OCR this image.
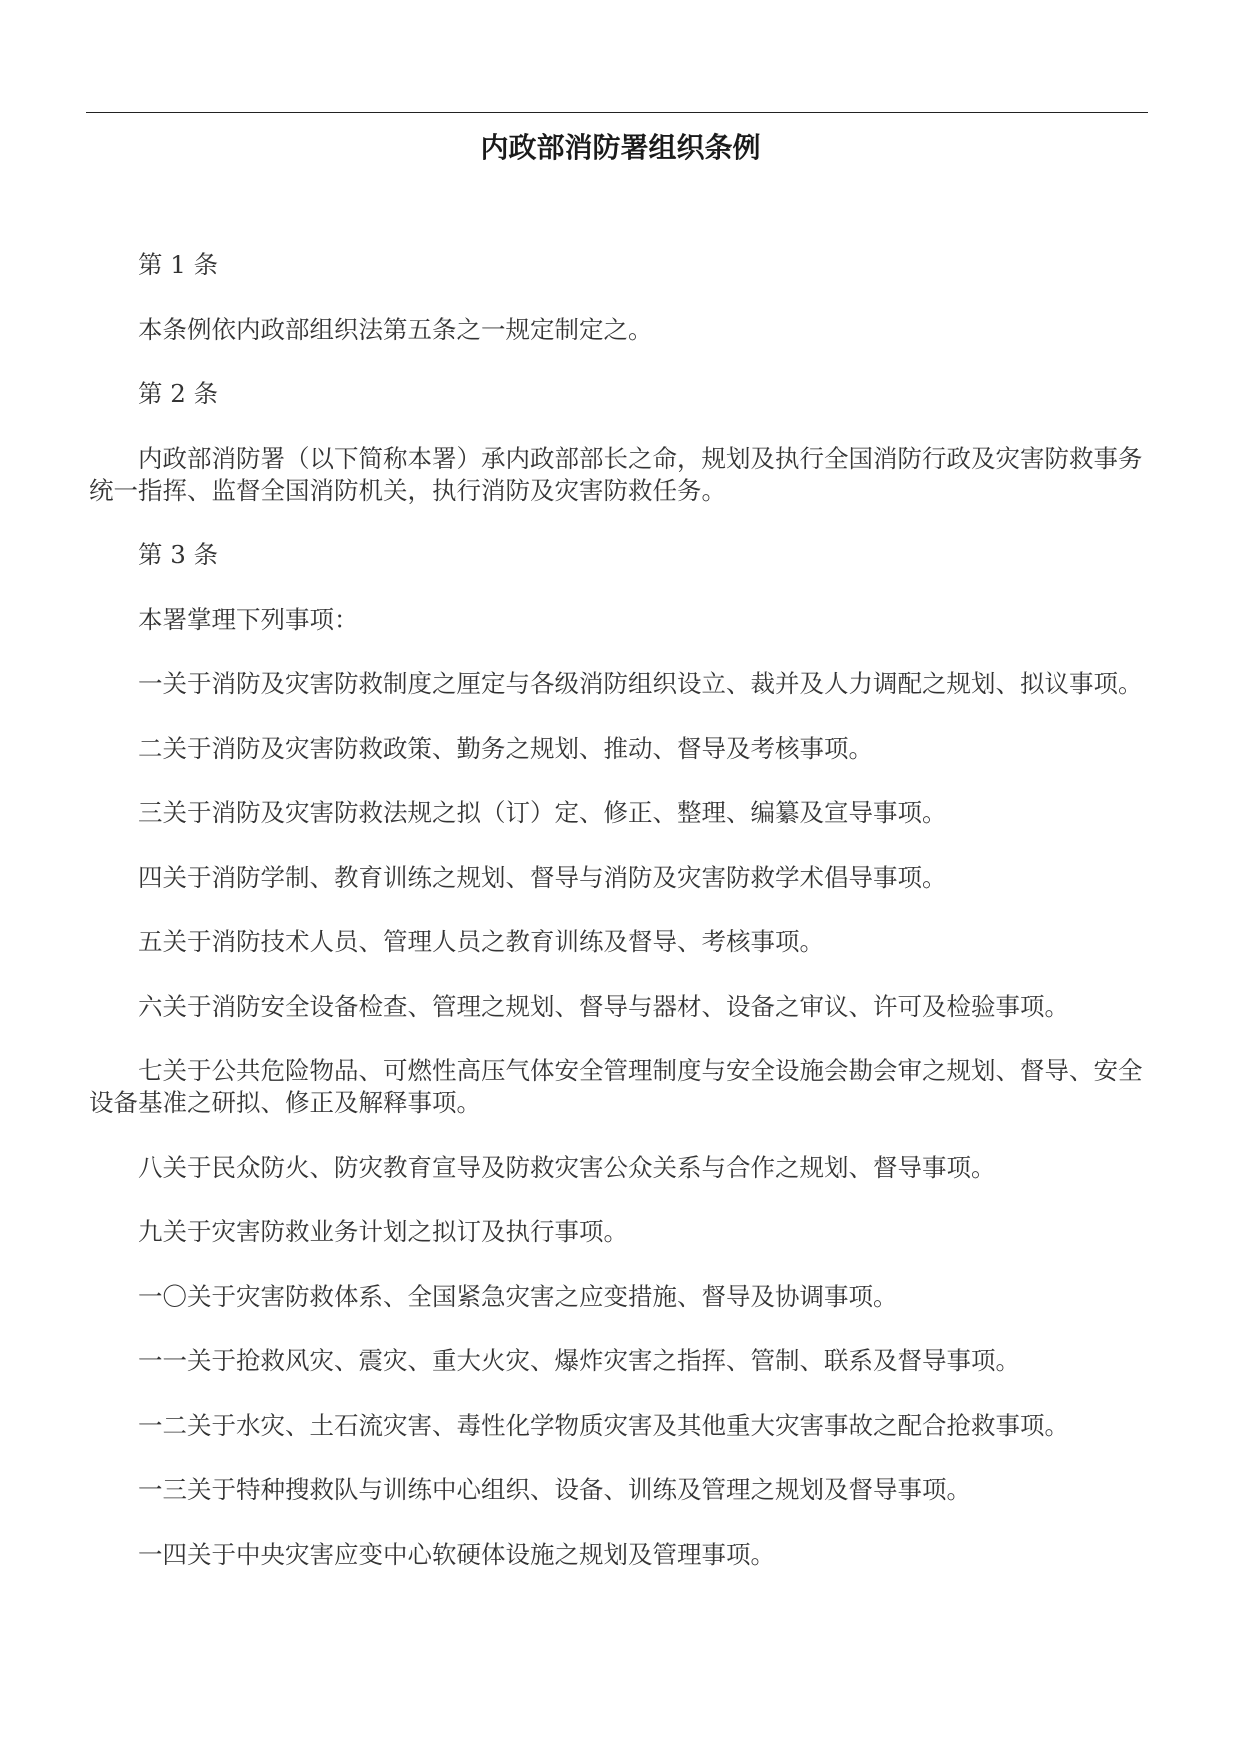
内政部消防署组织条例

第 1 条

本条例依内政部组织法第五条之一规定制定之。

第 2 条

内政部消防署（以下简称本署）承内政部部长之命，规划及执行全国消防行政及灾害防救事务统一指挥、监督全国消防机关，执行消防及灾害防救任务。

第 3 条

本署掌理下列事项：

一关于消防及灾害防救制度之厘定与各级消防组织设立、裁并及人力调配之规划、拟议事项。

二关于消防及灾害防救政策、勤务之规划、推动、督导及考核事项。

三关于消防及灾害防救法规之拟（订）定、修正、整理、编纂及宣导事项。

四关于消防学制、教育训练之规划、督导与消防及灾害防救学术倡导事项。

五关于消防技术人员、管理人员之教育训练及督导、考核事项。

六关于消防安全设备检查、管理之规划、督导与器材、设备之审议、许可及检验事项。

七关于公共危险物品、可燃性高压气体安全管理制度与安全设施会勘会审之规划、督导、安全设备基准之研拟、修正及解释事项。

八关于民众防火、防灾教育宣导及防救灾害公众关系与合作之规划、督导事项。

九关于灾害防救业务计划之拟订及执行事项。

一〇关于灾害防救体系、全国紧急灾害之应变措施、督导及协调事项。

一一关于抢救风灾、震灾、重大火灾、爆炸灾害之指挥、管制、联系及督导事项。

一二关于水灾、土石流灾害、毒性化学物质灾害及其他重大灾害事故之配合抢救事项。

一三关于特种搜救队与训练中心组织、设备、训练及管理之规划及督导事项。

一四关于中央灾害应变中心软硬体设施之规划及管理事项。
